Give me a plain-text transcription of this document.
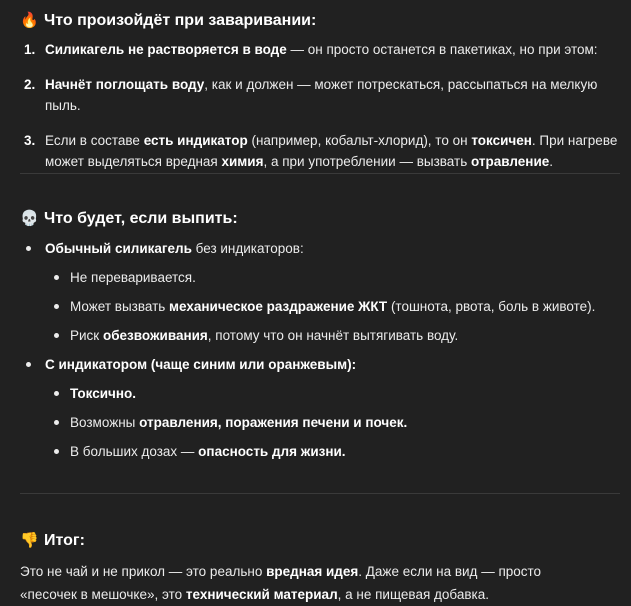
🔥 Что произойдёт при заваривании:
1. Силикагель не растворяется в воде — он просто останется в пакетиках, но при этом:
2. Начнёт поглощать воду, как и должен — может потрескаться, рассыпаться на мелкую пыль.
3. Если в составе есть индикатор (например, кобальт-хлорид), то он токсичен. При нагреве может выделяться вредная химия, а при употреблении — вызвать отравление.
💀 Что будет, если выпить:
Обычный силикагель без индикаторов:
Не переваривается.
Может вызвать механическое раздражение ЖКТ (тошнота, рвота, боль в животе).
Риск обезвоживания, потому что он начнёт вытягивать воду.
С индикатором (чаще синим или оранжевым):
Токсично.
Возможны отравления, поражения печени и почек.
В больших дозах — опасность для жизни.
👎 Итог:

Это не чай и не прикол — это реально вредная идея. Даже если на вид — просто «песочек в мешочке», это технический материал, а не пищевая добавка.
